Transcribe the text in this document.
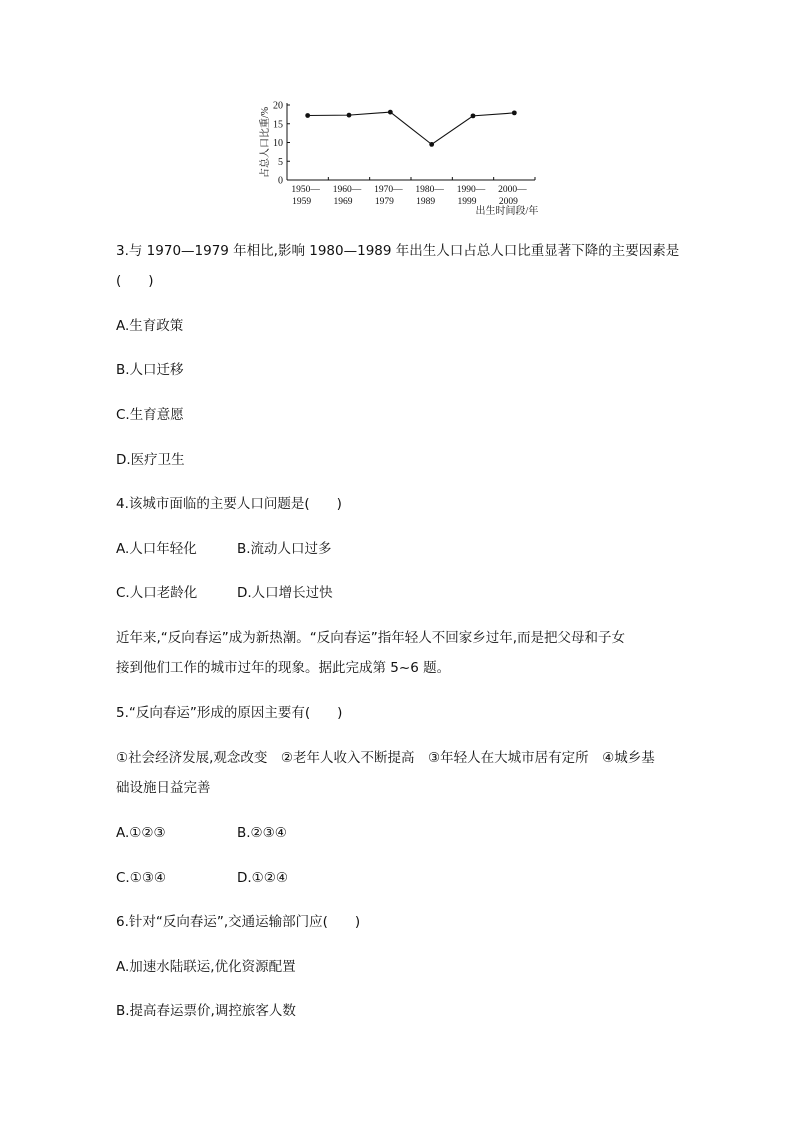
0
5
10
15
20
1950—
1959
1960—
1969
1970—
1979
1980—
1989
1990—
1999
2000—
2009
出生时间段/年
占总人口比重/%
3.与 1970—1979 年相比,影响 1980—1989 年出生人口占总人口比重显著下降的主要因素是
(　　)
A.生育政策
B.人口迁移
C.生育意愿
D.医疗卫生
4.该城市面临的主要人口问题是(　　)
A.人口年轻化	B.流动人口过多
C.人口老龄化	D.人口增长过快
近年来,“反向春运”成为新热潮。“反向春运”指年轻人不回家乡过年,而是把父母和子女
接到他们工作的城市过年的现象。据此完成第 5~6 题。
5.“反向春运”形成的原因主要有(　　)
①社会经济发展,观念改变　②老年人收入不断提高　③年轻人在大城市居有定所　④城乡基
础设施日益完善
A.①②③	B.②③④
C.①③④	D.①②④
6.针对“反向春运”,交通运输部门应(　　)
A.加速水陆联运,优化资源配置
B.提高春运票价,调控旅客人数
